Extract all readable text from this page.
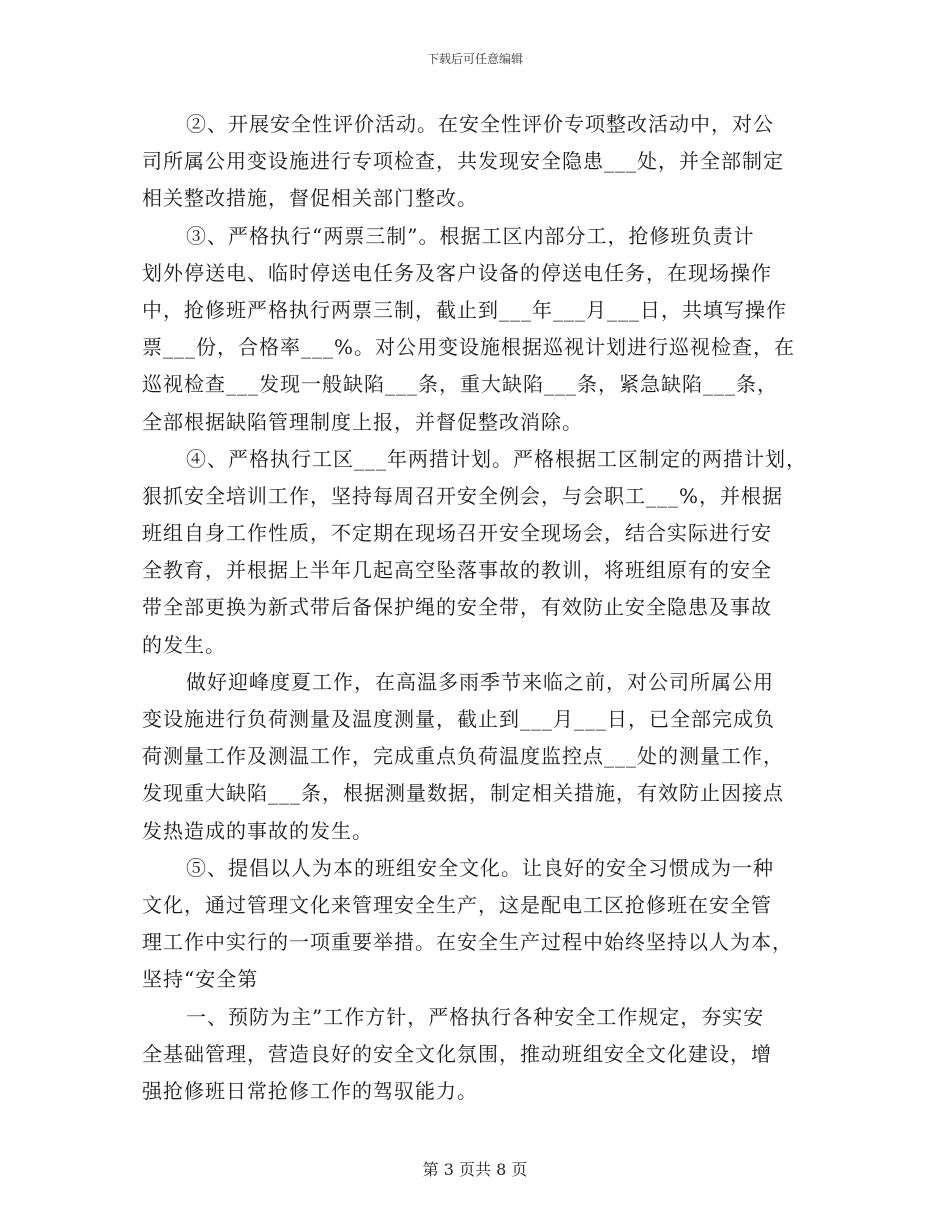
下载后可任意编辑
②、开展安全性评价活动。在安全性评价专项整改活动中，对公
司所属公用变设施进行专项检查，共发现安全隐患___处，并全部制定
相关整改措施，督促相关部门整改。
③、严格执行“两票三制”。根据工区内部分工，抢修班负责计
划外停送电、临时停送电任务及客户设备的停送电任务，在现场操作
中，抢修班严格执行两票三制，截止到___年___月___日，共填写操作
票___份，合格率___%。对公用变设施根据巡视计划进行巡视检查，在
巡视检查___发现一般缺陷___条，重大缺陷___条，紧急缺陷___条，
全部根据缺陷管理制度上报，并督促整改消除。
④、严格执行工区___年两措计划。严格根据工区制定的两措计划，
狠抓安全培训工作，坚持每周召开安全例会，与会职工___%，并根据
班组自身工作性质，不定期在现场召开安全现场会，结合实际进行安
全教育，并根据上半年几起高空坠落事故的教训，将班组原有的安全
带全部更换为新式带后备保护绳的安全带，有效防止安全隐患及事故
的发生。
做好迎峰度夏工作，在高温多雨季节来临之前，对公司所属公用
变设施进行负荷测量及温度测量，截止到___月___日，已全部完成负
荷测量工作及测温工作，完成重点负荷温度监控点___处的测量工作，
发现重大缺陷___条，根据测量数据，制定相关措施，有效防止因接点
发热造成的事故的发生。
⑤、提倡以人为本的班组安全文化。让良好的安全习惯成为一种
文化，通过管理文化来管理安全生产，这是配电工区抢修班在安全管
理工作中实行的一项重要举措。在安全生产过程中始终坚持以人为本，
坚持“安全第
一、预防为主”工作方针，严格执行各种安全工作规定，夯实安
全基础管理，营造良好的安全文化氛围，推动班组安全文化建设，增
强抢修班日常抢修工作的驾驭能力。
第 3 页共 8 页
